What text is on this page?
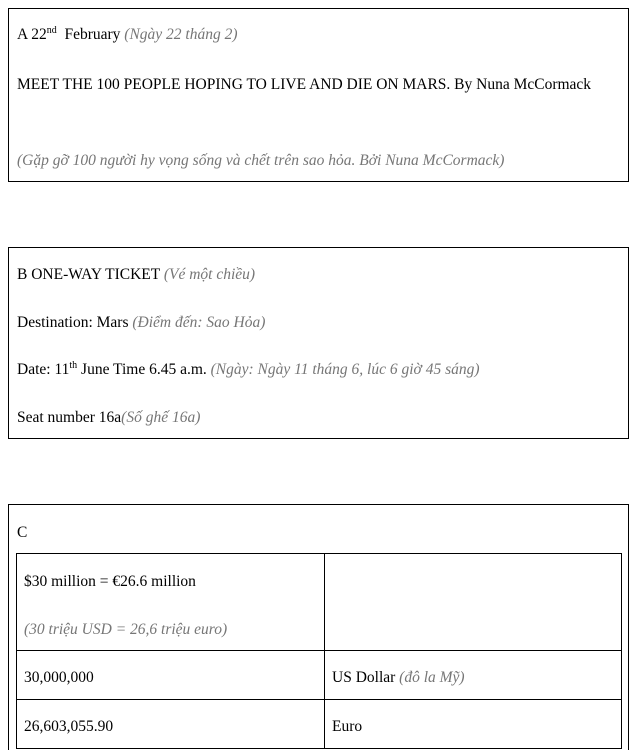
A 22nd February (Ngày 22 tháng 2)
MEET THE 100 PEOPLE HOPING TO LIVE AND DIE ON MARS. By Nuna McCormack
(Gặp gỡ 100 người hy vọng sống và chết trên sao hỏa. Bởi Nuna McCormack)
B ONE-WAY TICKET (Vé một chiều)
Destination: Mars (Điểm đến: Sao Hỏa)
Date: 11th June Time 6.45 a.m. (Ngày: Ngày 11 tháng 6, lúc 6 giờ 45 sáng)
Seat number 16a(Số ghế 16a)
C
$30 million = €26.6 million
(30 triệu USD = 26,6 triệu euro)	

30,000,000	US Dollar (đô la Mỹ)

26,603,055.90	Euro
